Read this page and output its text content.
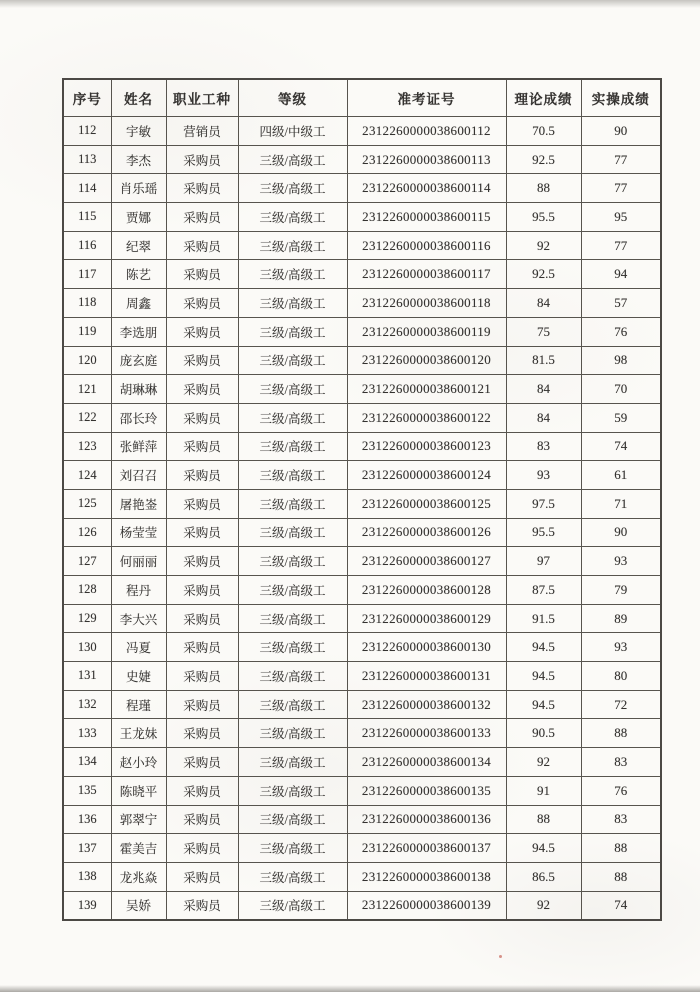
序号	姓名	职业工种	等级	准考证号	理论成绩	实操成绩
112	宇敏	营销员	四级/中级工	2312260000038600112	70.5	90
113	李杰	采购员	三级/高级工	2312260000038600113	92.5	77
114	肖乐瑶	采购员	三级/高级工	2312260000038600114	88	77
115	贾娜	采购员	三级/高级工	2312260000038600115	95.5	95
116	纪翠	采购员	三级/高级工	2312260000038600116	92	77
117	陈艺	采购员	三级/高级工	2312260000038600117	92.5	94
118	周鑫	采购员	三级/高级工	2312260000038600118	84	57
119	李选朋	采购员	三级/高级工	2312260000038600119	75	76
120	庞玄庭	采购员	三级/高级工	2312260000038600120	81.5	98
121	胡琳琳	采购员	三级/高级工	2312260000038600121	84	70
122	邵长玲	采购员	三级/高级工	2312260000038600122	84	59
123	张鲜萍	采购员	三级/高级工	2312260000038600123	83	74
124	刘召召	采购员	三级/高级工	2312260000038600124	93	61
125	屠艳崟	采购员	三级/高级工	2312260000038600125	97.5	71
126	杨莹莹	采购员	三级/高级工	2312260000038600126	95.5	90
127	何丽丽	采购员	三级/高级工	2312260000038600127	97	93
128	程丹	采购员	三级/高级工	2312260000038600128	87.5	79
129	李大兴	采购员	三级/高级工	2312260000038600129	91.5	89
130	冯夏	采购员	三级/高级工	2312260000038600130	94.5	93
131	史婕	采购员	三级/高级工	2312260000038600131	94.5	80
132	程瑾	采购员	三级/高级工	2312260000038600132	94.5	72
133	王龙妹	采购员	三级/高级工	2312260000038600133	90.5	88
134	赵小玲	采购员	三级/高级工	2312260000038600134	92	83
135	陈晓平	采购员	三级/高级工	2312260000038600135	91	76
136	郭翠宁	采购员	三级/高级工	2312260000038600136	88	83
137	霍美吉	采购员	三级/高级工	2312260000038600137	94.5	88
138	龙兆焱	采购员	三级/高级工	2312260000038600138	86.5	88
139	吴娇	采购员	三级/高级工	2312260000038600139	92	74
